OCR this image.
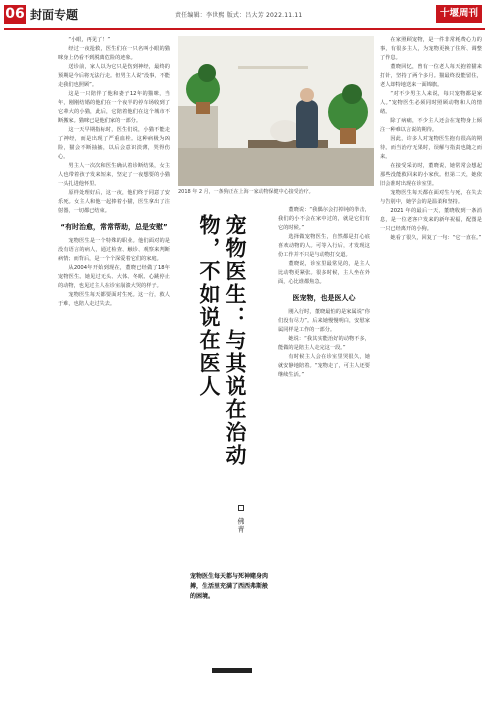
06 封面专题	责任编辑：李世熙 版式：吕大芳 2022.11.11	十堰周刊

“小眼，再见了！”

经过一夜抢救，医生们在一只名叫小眼的猫咪身上仍看不到脱离危险的迹象。

送诊前，家人以为它只是伤到神经，最终的预期是今后将无法行走。但男主人说“没事，不能走我们也照顾”。

这是一只陪伴了他和妻子12年的猫咪，当年，刚刚结婚的他们在一个夜半的停车场收到了它辈大的小猫，此后，它陪着他们在这个城市不断搬家。猫咪已是他们家的一部分。

这一天早期指标时，医生们说，小猫不能走了神经，而是出现了严重血栓。这种病极为凶险，猫会不断抽搐，以后会意识淡薄，哭得伤心。

男主人一次次和医生确认着诊断结果，女主人也带着孩子发来短来，坚定了一夜想要的小猫一头扎进他怀里。

原样处理好后，这一夜，他们终于同意了安乐死。女主人和他一起捧着小猫，医生拿出了注射器，一切都已结束。

“有时治愈，常常帮助，总是安慰”

宠物医生是一个特殊的职业。他们面对的是没有语言的病人，通过检查、触诊、观察来判断病情；而背后，是一个个深爱着它们的家庭。

从2004年开始到现在，董晓已经做了18年宠物医生。她见过无头、大体、冬眠、心跳停止的动物，也见过主人在诊室崩溃大哭的样子。

宠物医生每天都要面对生死。这一行，救人于难，也陪人走过失去。

2018 年 2 月，一条狗正在上海一家动物保健中心接受治疗。
宠物医生：与其说在治动物，不如说在医人
佛青
宠物医生每天都与死神赌身肉搏，生活里充满了西西弗斯般的困境。

董晓说：“我偶尔会打掉钝的拳击，我们的小不会在家中过的，就是它们有它的时候。”

选择做宠物医生，自然都是打心底喜欢动物的人。可等入行后，才发现这份工作并不只是与动物打交道。

董晓说，诊室里最常见的，是主人比动物更紧张。很多时候，主人坐在外面，心比谁都焦急。

医宠物，也是医人心

刚入行时，董晓最怕的是家属说“你们没有尽力”。后来她慢慢明白，安慰家属同样是工作的一部分。

她说：“我其实能治好的动物不多，能做的是陪主人走完这一段。”

有时候主人会在诊室里哭很久，她就安静地陪着。“宠物走了，可主人还要继续生活。”

在家照顾宠物，是一件非常耗费心力的事，有很多主人，为宠物更换了住所、调整了作息。

董晓回忆，曾有一位老人每天抱着猫来打针，坚持了两个多月。猫最终没能留住，老人却特地送来一面锦旗。

“对不少男主人来说，每只宠物都是家人。”宠物医生必须同时照顾动物和人的情绪。

除了病痛，不少主人还会在宠物身上倾注一种难以言说的期待。

因此，许多人对宠物医生抱有很高的期待。而当治疗无果时，误解与指责也随之而来。

在接受采访时，董晓说，她常常会想起那些没能救回来的小家伙。但第二天，她依旧会准时出现在诊室里。

宠物医生每天都在面对生与死，在失去与告别中，她学会的是温柔和坚持。

2021 年的最后一天，董晓收到一条消息，是一位老客户发来的新年祝福，配图是一只已经离开的小狗。

她看了很久，回复了一句：“它一直在。”
